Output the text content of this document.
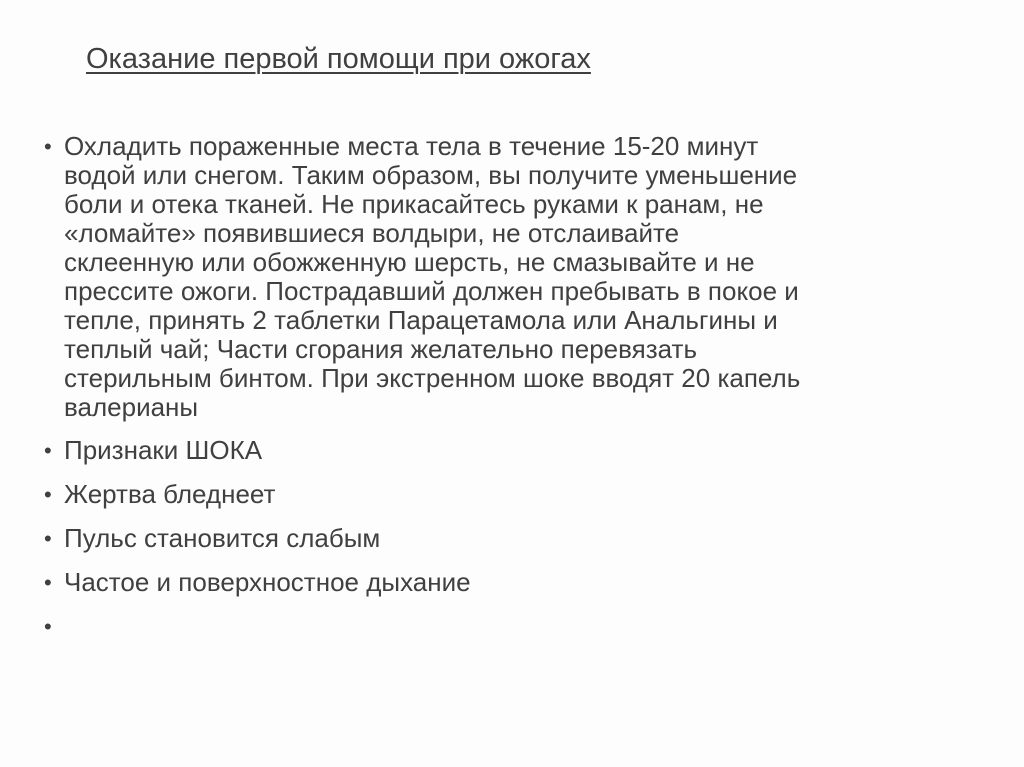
Оказание первой помощи при ожогах
• Охладить пораженные места тела в течение 15-20 минут
водой или снегом. Таким образом, вы получите уменьшение
боли и отека тканей. Не прикасайтесь руками к ранам, не
«ломайте» появившиеся волдыри, не отслаивайте
склеенную или обожженную шерсть, не смазывайте и не
прессите ожоги. Пострадавший должен пребывать в покое и
тепле, принять 2 таблетки Парацетамола или Анальгины и
теплый чай; Части сгорания желательно перевязать
стерильным бинтом. При экстренном шоке вводят 20 капель
валерианы
• Признаки ШОКА
• Жертва бледнеет
• Пульс становится слабым
• Частое и поверхностное дыхание
•
